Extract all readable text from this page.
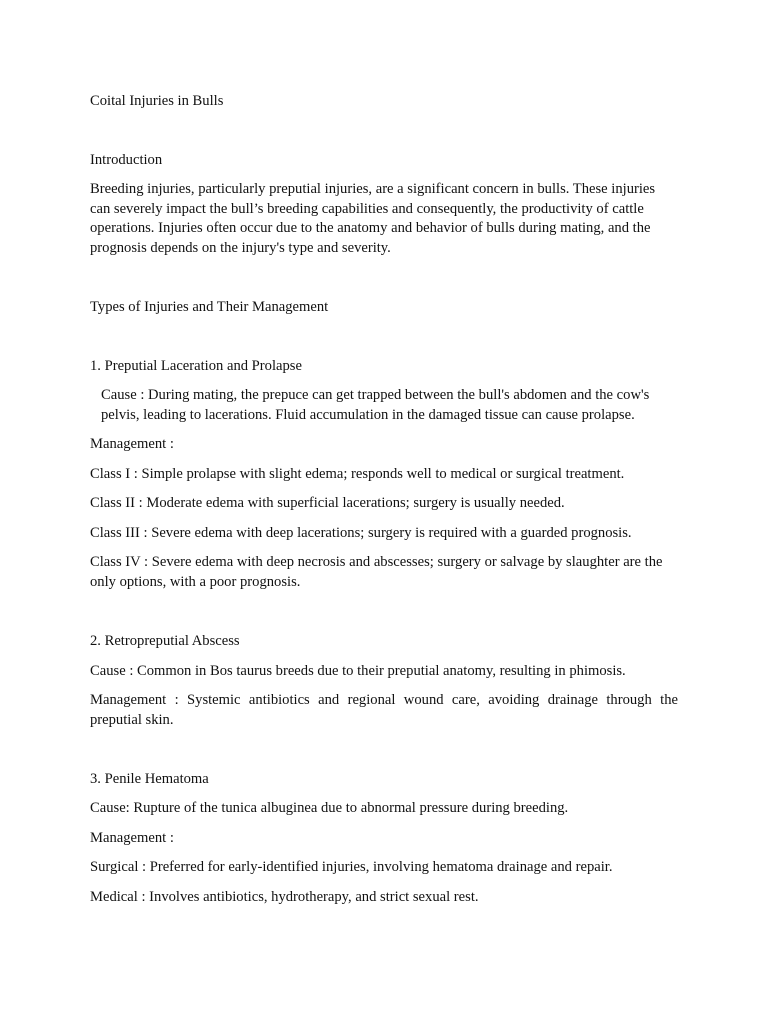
Coital Injuries in Bulls

Introduction

Breeding injuries, particularly preputial injuries, are a significant concern in bulls. These injuries can severely impact the bull’s breeding capabilities and consequently, the productivity of cattle operations. Injuries often occur due to the anatomy and behavior of bulls during mating, and the prognosis depends on the injury's type and severity.

Types of Injuries and Their Management

1. Preputial Laceration and Prolapse

Cause : During mating, the prepuce can get trapped between the bull's abdomen and the cow's pelvis, leading to lacerations. Fluid accumulation in the damaged tissue can cause prolapse.

Management :

Class I : Simple prolapse with slight edema; responds well to medical or surgical treatment.

Class II : Moderate edema with superficial lacerations; surgery is usually needed.

Class III : Severe edema with deep lacerations; surgery is required with a guarded prognosis.

Class IV : Severe edema with deep necrosis and abscesses; surgery or salvage by slaughter are the only options, with a poor prognosis.

2. Retropreputial Abscess

Cause : Common in Bos taurus breeds due to their preputial anatomy, resulting in phimosis.

Management : Systemic antibiotics and regional wound care, avoiding drainage through the preputial skin.

3. Penile Hematoma

Cause: Rupture of the tunica albuginea due to abnormal pressure during breeding.

Management :

Surgical : Preferred for early-identified injuries, involving hematoma drainage and repair.

Medical : Involves antibiotics, hydrotherapy, and strict sexual rest.
